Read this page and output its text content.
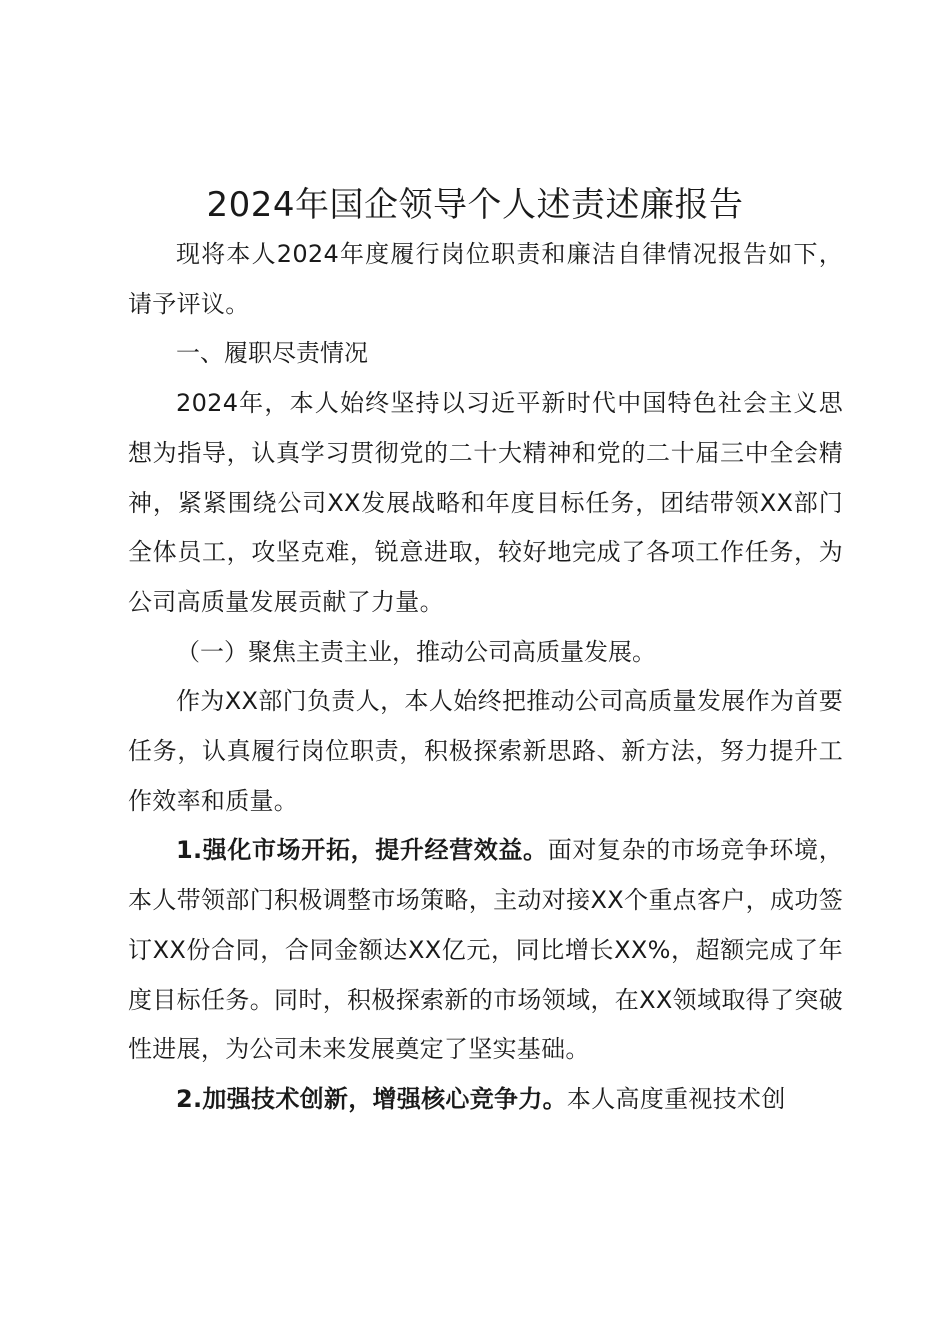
2024年国企领导个人述责述廉报告

现将本人2024年度履行岗位职责和廉洁自律情况报告如下，请予评议。

一、履职尽责情况

2024年，本人始终坚持以习近平新时代中国特色社会主义思想为指导，认真学习贯彻党的二十大精神和党的二十届三中全会精神，紧紧围绕公司XX发展战略和年度目标任务，团结带领XX部门全体员工，攻坚克难，锐意进取，较好地完成了各项工作任务，为公司高质量发展贡献了力量。

（一）聚焦主责主业，推动公司高质量发展。

作为XX部门负责人，本人始终把推动公司高质量发展作为首要任务，认真履行岗位职责，积极探索新思路、新方法，努力提升工作效率和质量。

1.强化市场开拓，提升经营效益。面对复杂的市场竞争环境，本人带领部门积极调整市场策略，主动对接XX个重点客户，成功签订XX份合同，合同金额达XX亿元，同比增长XX%，超额完成了年度目标任务。同时，积极探索新的市场领域，在XX领域取得了突破性进展，为公司未来发展奠定了坚实基础。

2.加强技术创新，增强核心竞争力。本人高度重视技术创
